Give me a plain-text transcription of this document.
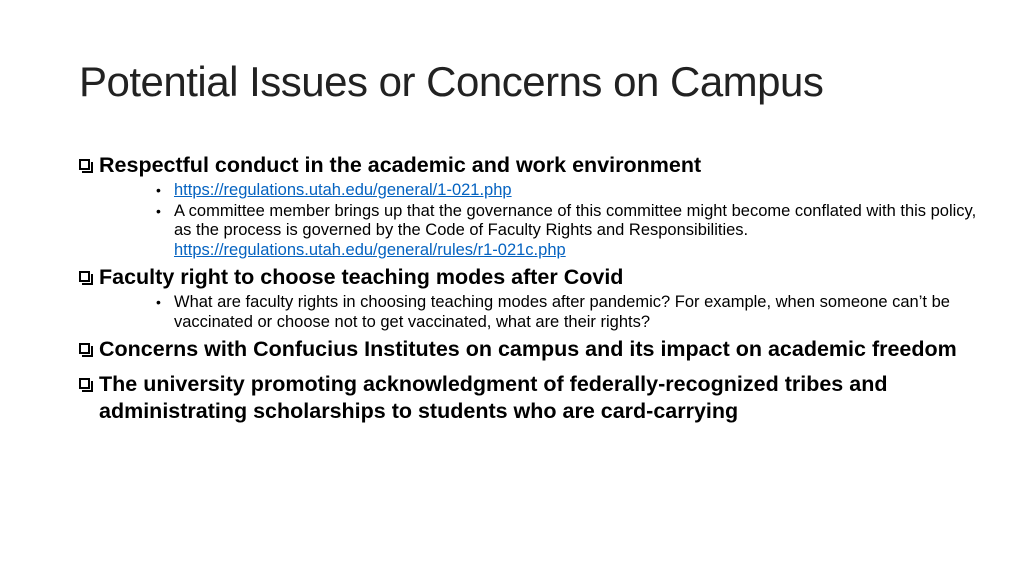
Potential Issues or Concerns on Campus
Respectful conduct in the academic and work environment
• https://regulations.utah.edu/general/1-021.php
• A committee member brings up that the governance of this committee might become conflated with this policy, as the process is governed by the Code of Faculty Rights and Responsibilities. https://regulations.utah.edu/general/rules/r1-021c.php
Faculty right to choose teaching modes after Covid
• What are faculty rights in choosing teaching modes after pandemic? For example, when someone can’t be vaccinated or choose not to get vaccinated, what are their rights?
Concerns with Confucius Institutes on campus and its impact on academic freedom
The university promoting acknowledgment of federally-recognized tribes and administrating scholarships to students who are card-carrying
